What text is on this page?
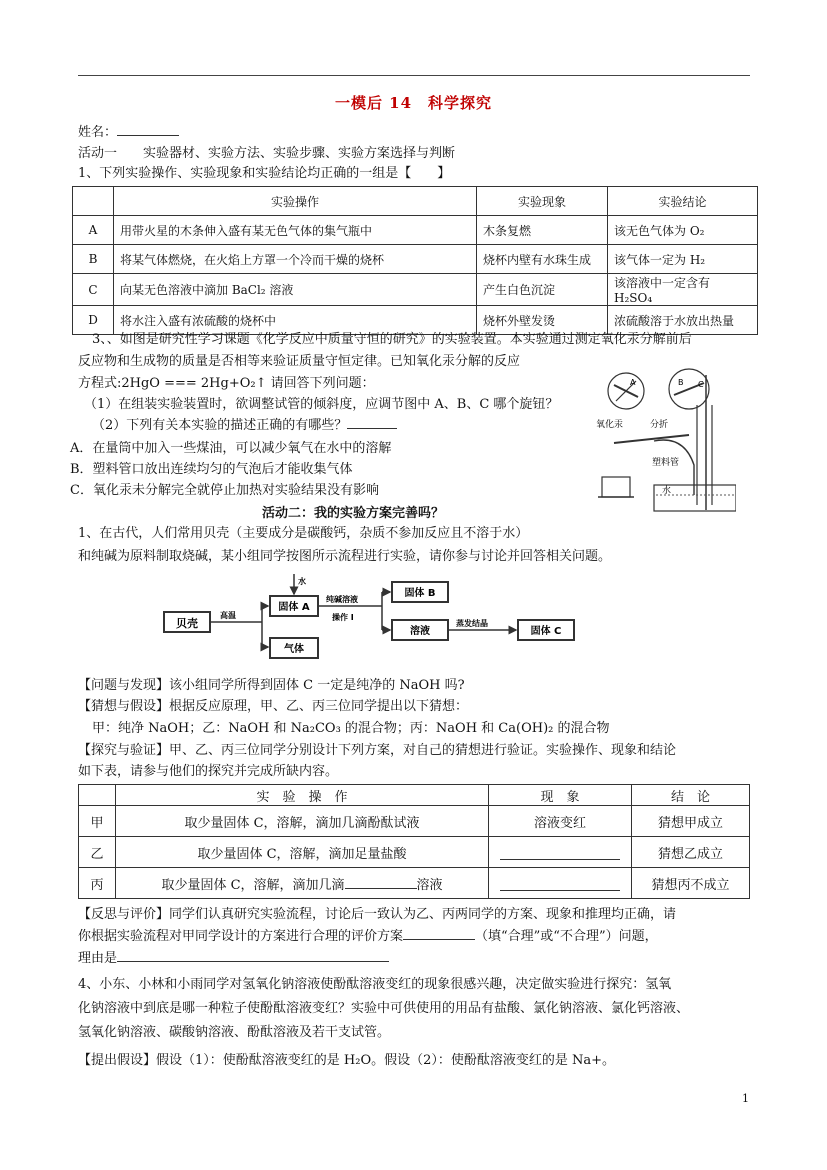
一模后 14　科学探究
姓名：
活动一　　实验器材、实验方法、实验步骤、实验方案选择与判断
1、下列实验操作、实验现象和实验结论均正确的一组是【　　】
	实验操作	实验现象	实验结论
A	用带火星的木条伸入盛有某无色气体的集气瓶中	木条复燃	该无色气体为 O₂
B	将某气体燃烧，在火焰上方罩一个冷而干燥的烧杯	烧杯内壁有水珠生成	该气体一定为 H₂
C	向某无色溶液中滴加 BaCl₂ 溶液	产生白色沉淀	该溶液中一定含有 H₂SO₄
D	将水注入盛有浓硫酸的烧杯中	烧杯外壁发烫	浓硫酸溶于水放出热量
3、、如图是研究性学习课题《化学反应中质量守恒的研究》的实验装置。本实验通过测定氧化汞分解前后
反应物和生成物的质量是否相等来验证质量守恒定律。已知氧化汞分解的反应
方程式:2HgO === 2Hg+O₂↑ 请回答下列问题：
（1）在组装实验装置时，欲调整试管的倾斜度，应调节图中 A、B、C 哪个旋钮？
（2）下列有关本实验的描述正确的有哪些？
A．在量筒中加入一些煤油，可以减少氧气在水中的溶解
B．塑料管口放出连续均匀的气泡后才能收集气体
C．氧化汞未分解完全就停止加热对实验结果没有影响
A	B C
氧化汞	分折
塑料管
水
活动二：我的实验方案完善吗？
1、在古代，人们常用贝壳（主要成分是碳酸钙，杂质不参加反应且不溶于水）
和纯碱为原料制取烧碱，某小组同学按图所示流程进行实验，请你参与讨论并回答相关问题。
贝壳
高温
固体 A
水
气体
纯碱溶液
操作 I
固体 B
溶液
蒸发结晶
固体 C
【问题与发现】该小组同学所得到固体 C 一定是纯净的 NaOH 吗?
【猜想与假设】根据反应原理，甲、乙、丙三位同学提出以下猜想：
甲：纯净 NaOH；乙：NaOH 和 Na₂CO₃ 的混合物；丙：NaOH 和 Ca(OH)₂ 的混合物
【探究与验证】甲、乙、丙三位同学分别设计下列方案，对自己的猜想进行验证。实验操作、现象和结论
如下表，请参与他们的探究并完成所缺内容。
	实　验　操　作	现　象	结　论
甲	取少量固体 C，溶解，滴加几滴酚酞试液	溶液变红	猜想甲成立
乙	取少量固体 C，溶解，滴加足量盐酸		猜想乙成立
丙	取少量固体 C，溶解，滴加几滴 溶液		猜想丙不成立
【反思与评价】同学们认真研究实验流程，讨论后一致认为乙、丙两同学的方案、现象和推理均正确，请
你根据实验流程对甲同学设计的方案进行合理的评价方案	（填“合理”或“不合理”）问题，
理由是
4、小东、小林和小雨同学对氢氧化钠溶液使酚酞溶液变红的现象很感兴趣，决定做实验进行探究：氢氧
化钠溶液中到底是哪一种粒子使酚酞溶液变红？实验中可供使用的用品有盐酸、氯化钠溶液、氯化钙溶液、
氢氧化钠溶液、碳酸钠溶液、酚酞溶液及若干支试管。
【提出假设】假设（1）：使酚酞溶液变红的是 H₂O。假设（2）：使酚酞溶液变红的是 Na+。
1
